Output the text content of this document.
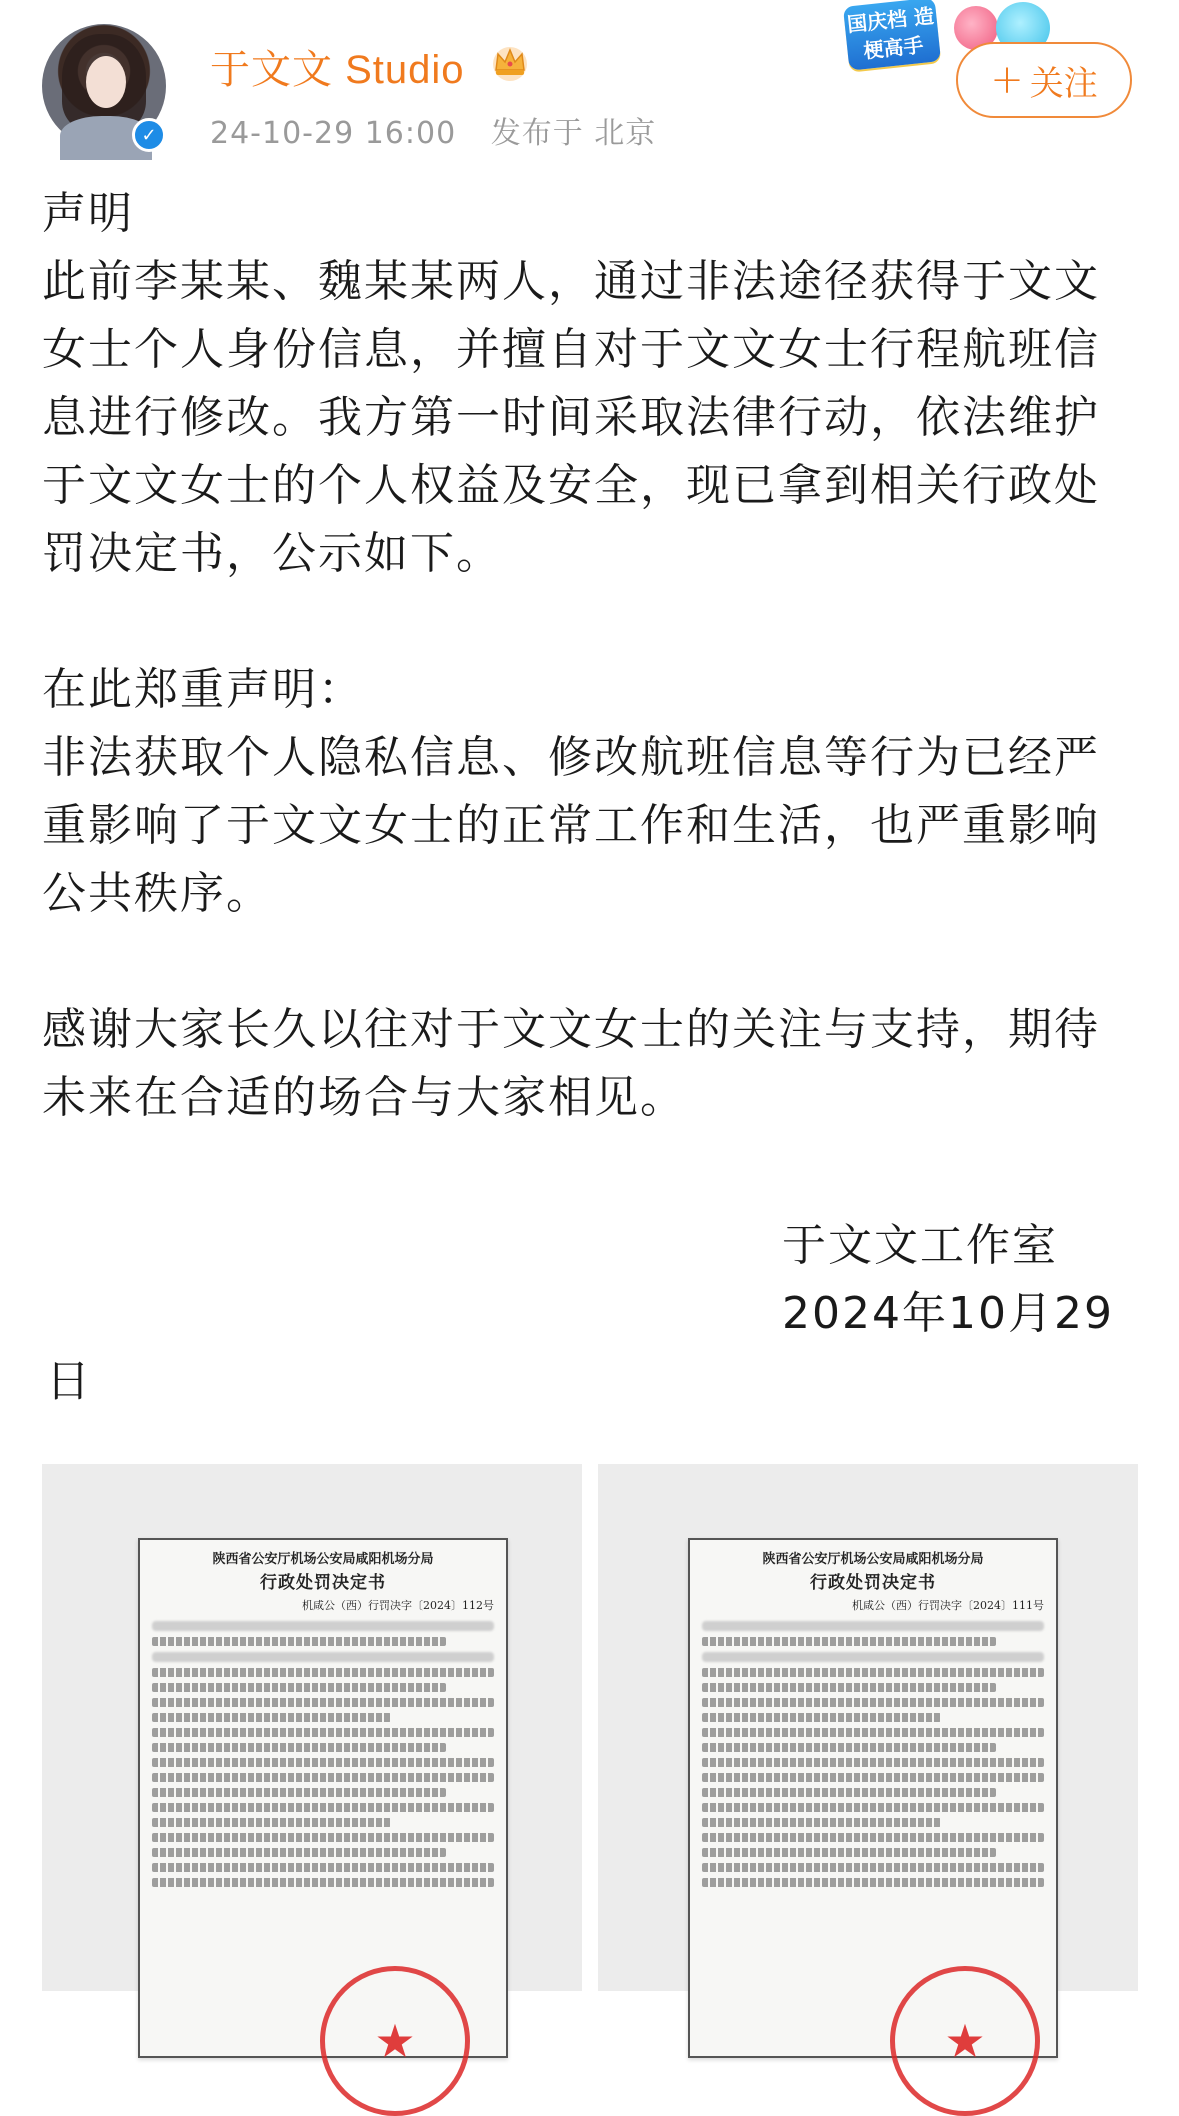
✓
于文文 Studio
24-10-29 16:00 发布于 北京
国庆档 造梗高手
+ 关注

声明

此前李某某、魏某某两人，通过非法途径获得于文文女士个人身份信息，并擅自对于文文女士行程航班信息进行修改。我方第一时间采取法律行动，依法维护于文文女士的个人权益及安全，现已拿到相关行政处罚决定书，公示如下。

在此郑重声明：

非法获取个人隐私信息、修改航班信息等行为已经严重影响了于文文女士的正常工作和生活，也严重影响公共秩序。

感谢大家长久以往对于文文女士的关注与支持，期待未来在合适的场合与大家相见。

于文文工作室
2024年10月29
日
陕西省公安厅机场公安局咸阳机场分局
行政处罚决定书
机咸公（西）行罚决字〔2024〕112号
★
陕西省公安厅机场公安局咸阳机场分局
行政处罚决定书
机咸公（西）行罚决字〔2024〕111号
★
